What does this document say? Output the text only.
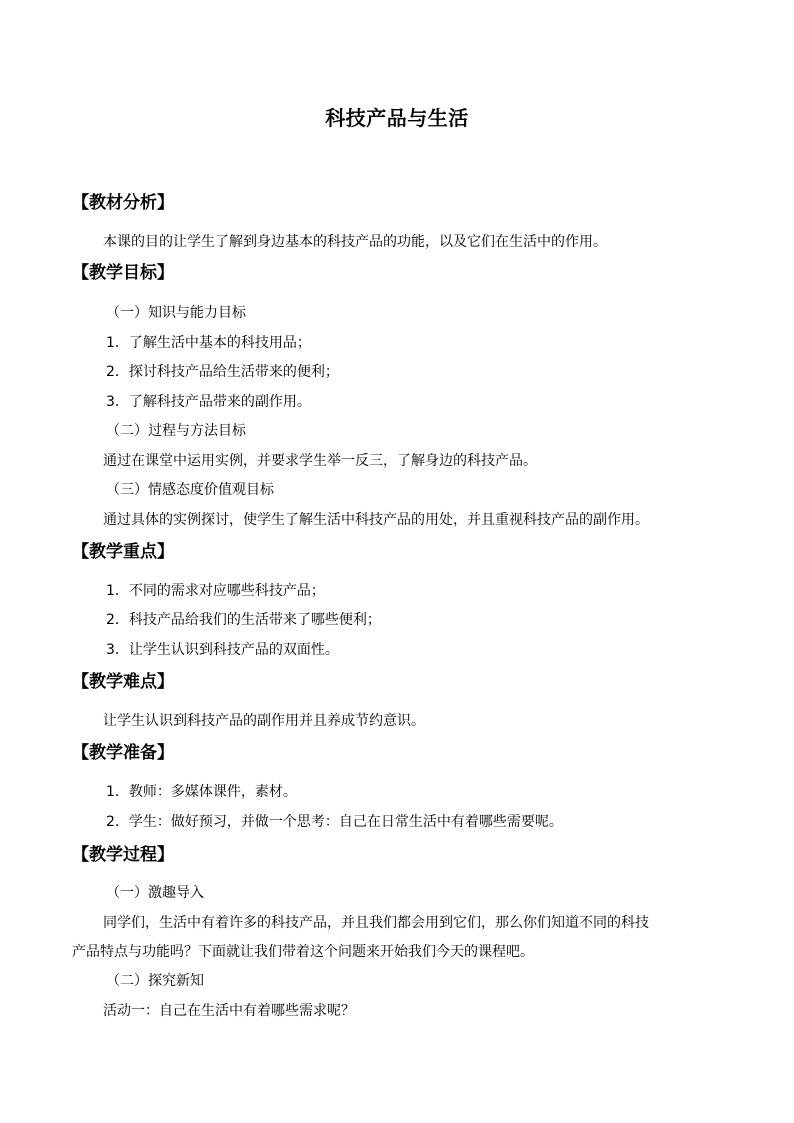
科技产品与生活
【教材分析】
本课的目的让学生了解到身边基本的科技产品的功能，以及它们在生活中的作用。
【教学目标】
（一）知识与能力目标
1．了解生活中基本的科技用品；
2．探讨科技产品给生活带来的便利；
3．了解科技产品带来的副作用。
（二）过程与方法目标
通过在课堂中运用实例，并要求学生举一反三，了解身边的科技产品。
（三）情感态度价值观目标
通过具体的实例探讨，使学生了解生活中科技产品的用处，并且重视科技产品的副作用。
【教学重点】
1．不同的需求对应哪些科技产品；
2．科技产品给我们的生活带来了哪些便利；
3．让学生认识到科技产品的双面性。
【教学难点】
让学生认识到科技产品的副作用并且养成节约意识。
【教学准备】
1．教师：多媒体课件，素材。
2．学生：做好预习，并做一个思考：自己在日常生活中有着哪些需要呢。
【教学过程】
（一）激趣导入
同学们，生活中有着许多的科技产品，并且我们都会用到它们，那么你们知道不同的科技
产品特点与功能吗？下面就让我们带着这个问题来开始我们今天的课程吧。
（二）探究新知
活动一：自己在生活中有着哪些需求呢？
